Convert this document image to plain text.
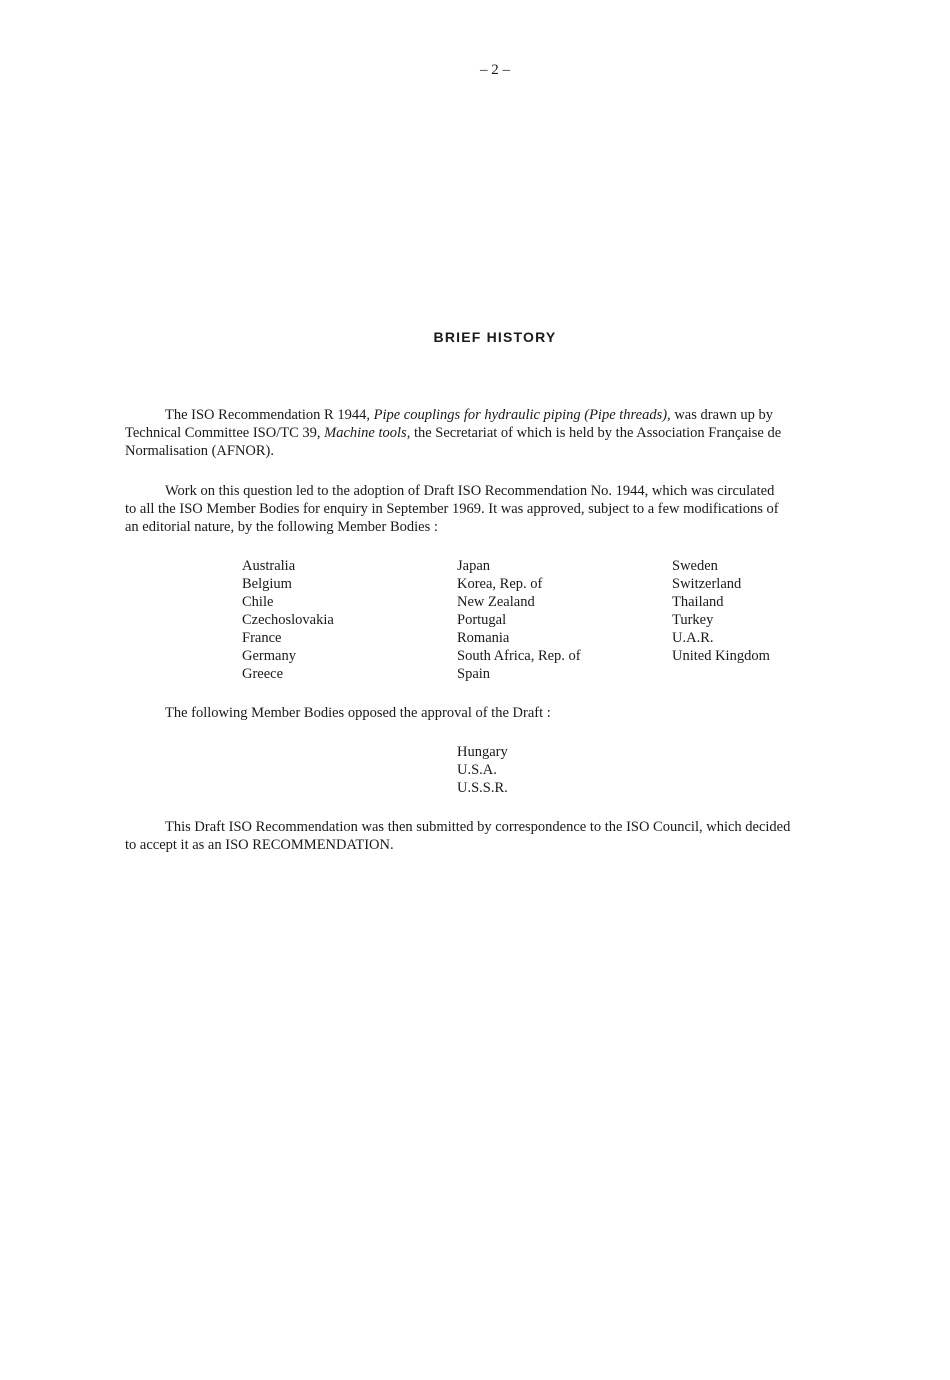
– 2 –
BRIEF HISTORY

The ISO Recommendation R 1944, Pipe couplings for hydraulic piping (Pipe threads), was drawn up by
Technical Committee ISO/TC 39, Machine tools, the Secretariat of which is held by the Association Française de
Normalisation (AFNOR).

Work on this question led to the adoption of Draft ISO Recommendation No. 1944, which was circulated
to all the ISO Member Bodies for enquiry in September 1969. It was approved, subject to a few modifications of
an editorial nature, by the following Member Bodies :

Australia
Belgium
Chile
Czechoslovakia
France
Germany
Greece
Japan
Korea, Rep. of
New Zealand
Portugal
Romania
South Africa, Rep. of
Spain
Sweden
Switzerland
Thailand
Turkey
U.A.R.
United Kingdom

The following Member Bodies opposed the approval of the Draft :

Hungary
U.S.A.
U.S.S.R.

This Draft ISO Recommendation was then submitted by correspondence to the ISO Council, which decided
to accept it as an ISO RECOMMENDATION.
